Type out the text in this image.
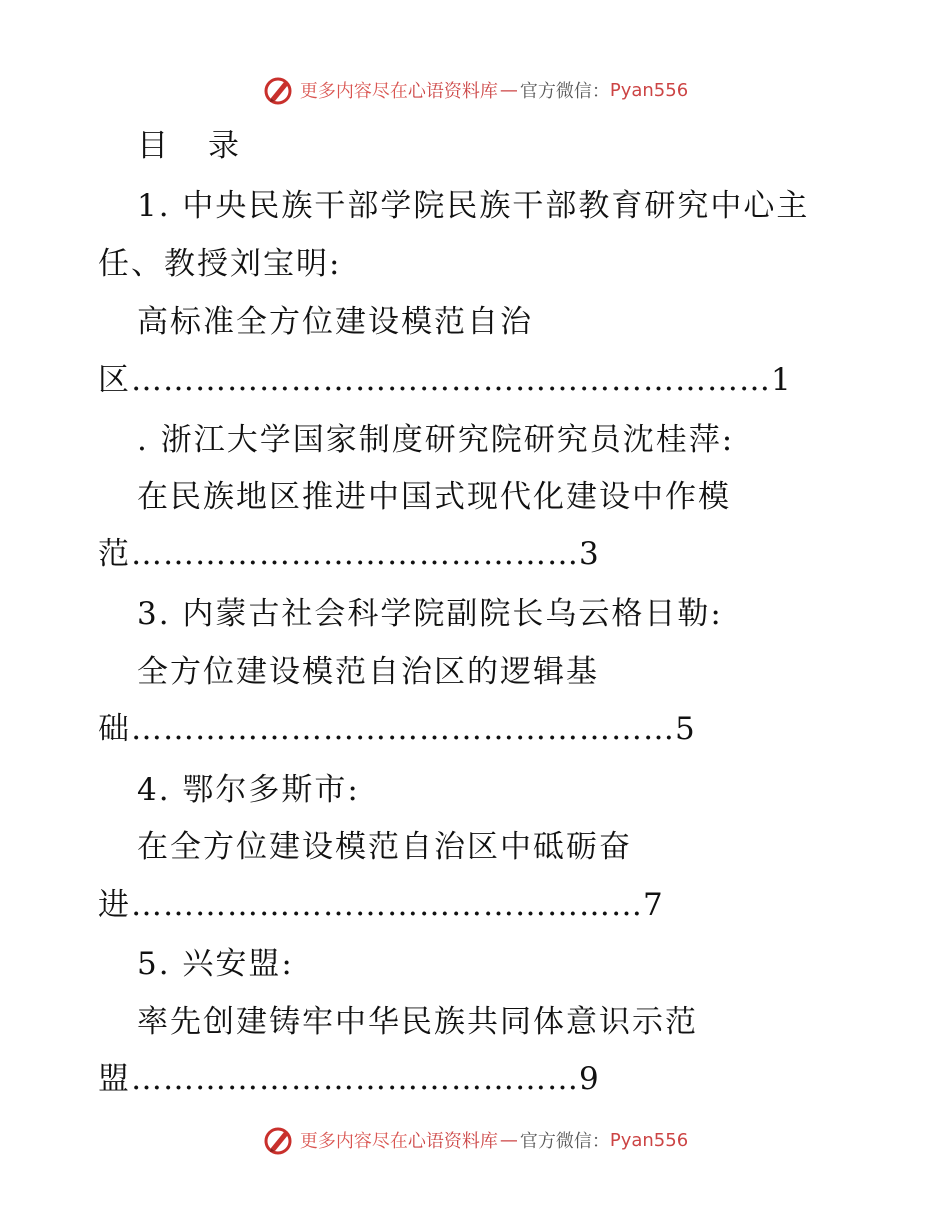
更多内容尽在 心语资料库 — 官方微信： Pyan556
目 录
1. 中央民族干部学院民族干部教育研究中心主
任、教授刘宝明:
高标准全方位建设模范自治
区……………………………………………………1
. 浙江大学国家制度研究院研究员沈桂萍:
在民族地区推进中国式现代化建设中作模
范……………………………………3
3. 内蒙古社会科学院副院长乌云格日勒:
全方位建设模范自治区的逻辑基
础……………………………………………5
4. 鄂尔多斯市:
在全方位建设模范自治区中砥砺奋
进…………………………………………7
5. 兴安盟:
率先创建铸牢中华民族共同体意识示范
盟……………………………………9
更多内容尽在 心语资料库 — 官方微信： Pyan556
